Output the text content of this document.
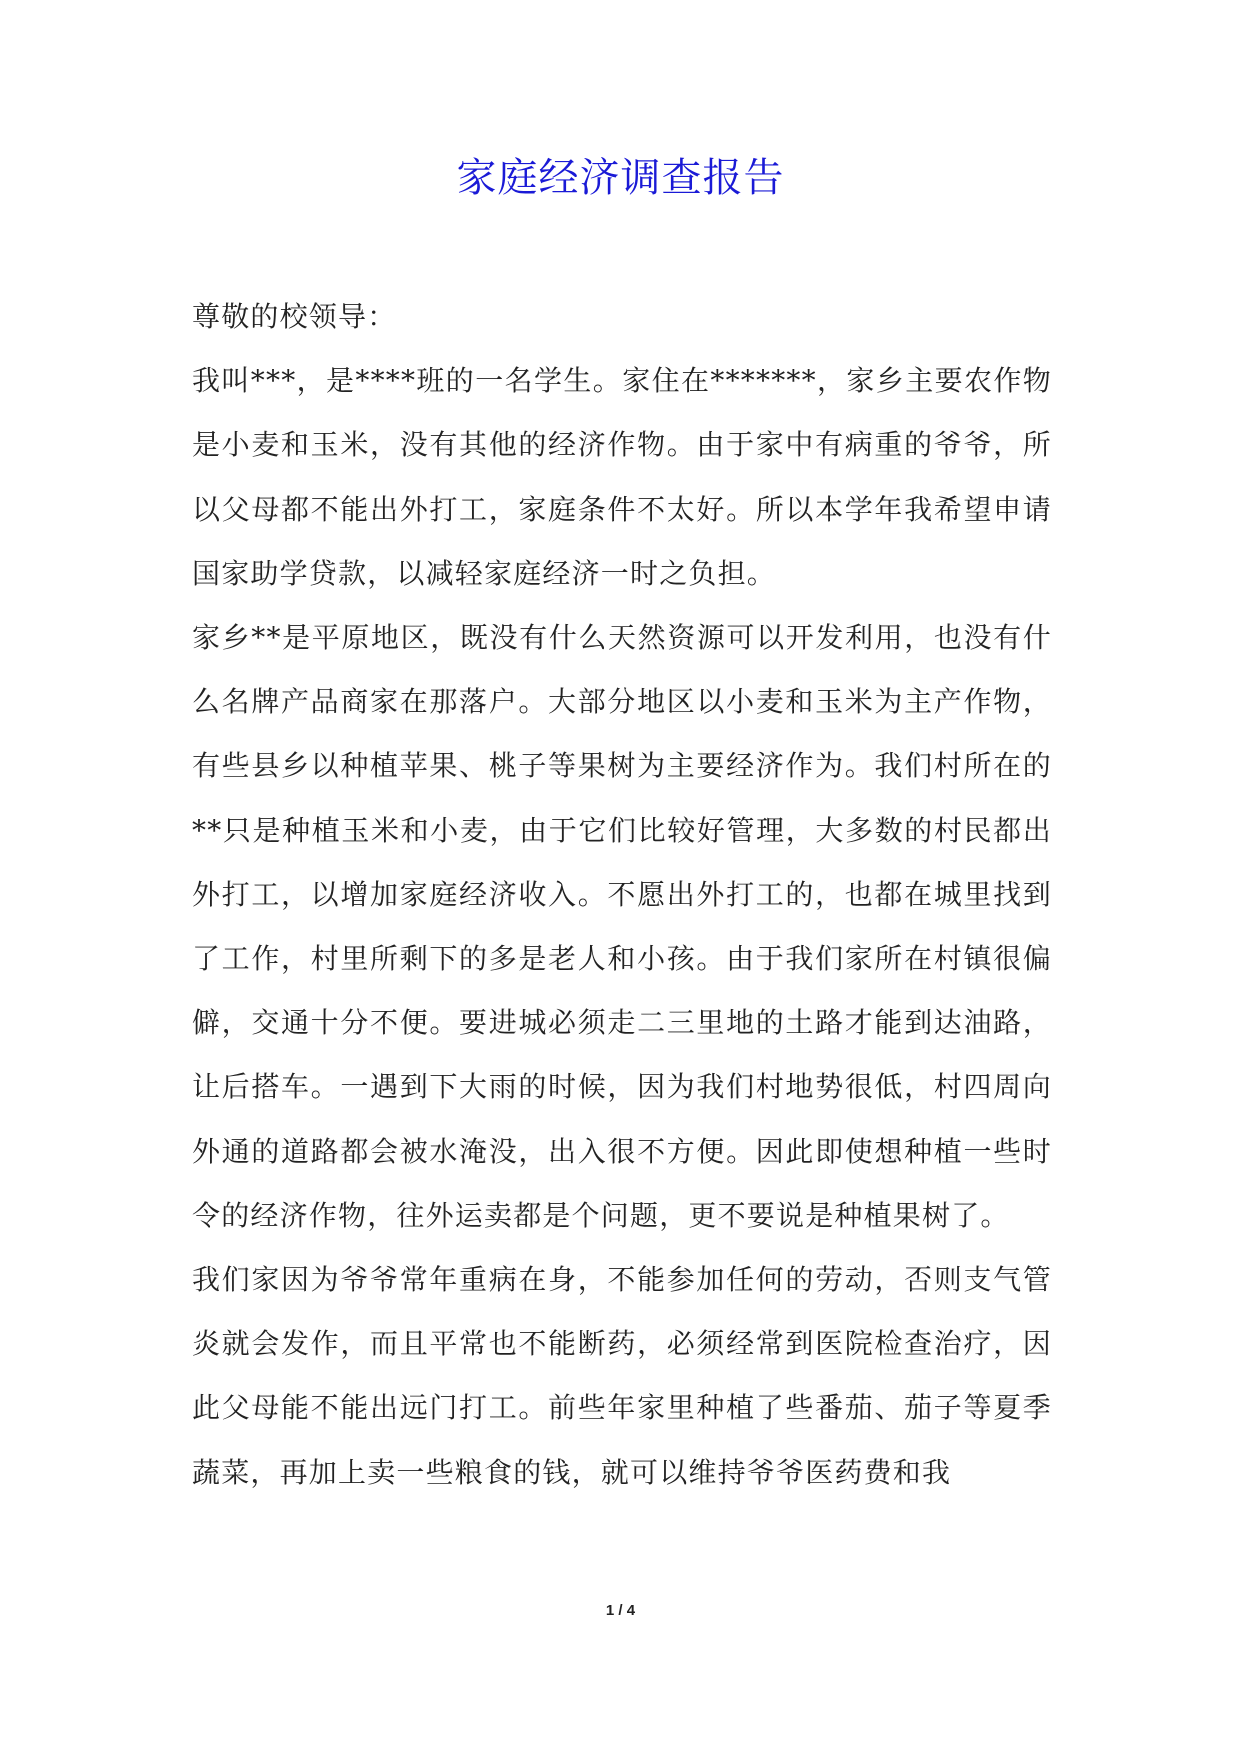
家庭经济调查报告

尊敬的校领导：

我叫***，是****班的一名学生。家住在*******，家乡主要农作物是小麦和玉米，没有其他的经济作物。由于家中有病重的爷爷，所以父母都不能出外打工，家庭条件不太好。所以本学年我希望申请国家助学贷款，以减轻家庭经济一时之负担。

家乡**是平原地区，既没有什么天然资源可以开发利用，也没有什么名牌产品商家在那落户。大部分地区以小麦和玉米为主产作物，有些县乡以种植苹果、桃子等果树为主要经济作为。我们村所在的**只是种植玉米和小麦，由于它们比较好管理，大多数的村民都出外打工，以增加家庭经济收入。不愿出外打工的，也都在城里找到了工作，村里所剩下的多是老人和小孩。由于我们家所在村镇很偏僻，交通十分不便。要进城必须走二三里地的土路才能到达油路，让后搭车。一遇到下大雨的时候，因为我们村地势很低，村四周向外通的道路都会被水淹没，出入很不方便。因此即使想种植一些时令的经济作物，往外运卖都是个问题，更不要说是种植果树了。

我们家因为爷爷常年重病在身，不能参加任何的劳动，否则支气管炎就会发作，而且平常也不能断药，必须经常到医院检查治疗，因此父母能不能出远门打工。前些年家里种植了些番茄、茄子等夏季蔬菜，再加上卖一些粮食的钱，就可以维持爷爷医药费和我

1 / 4
